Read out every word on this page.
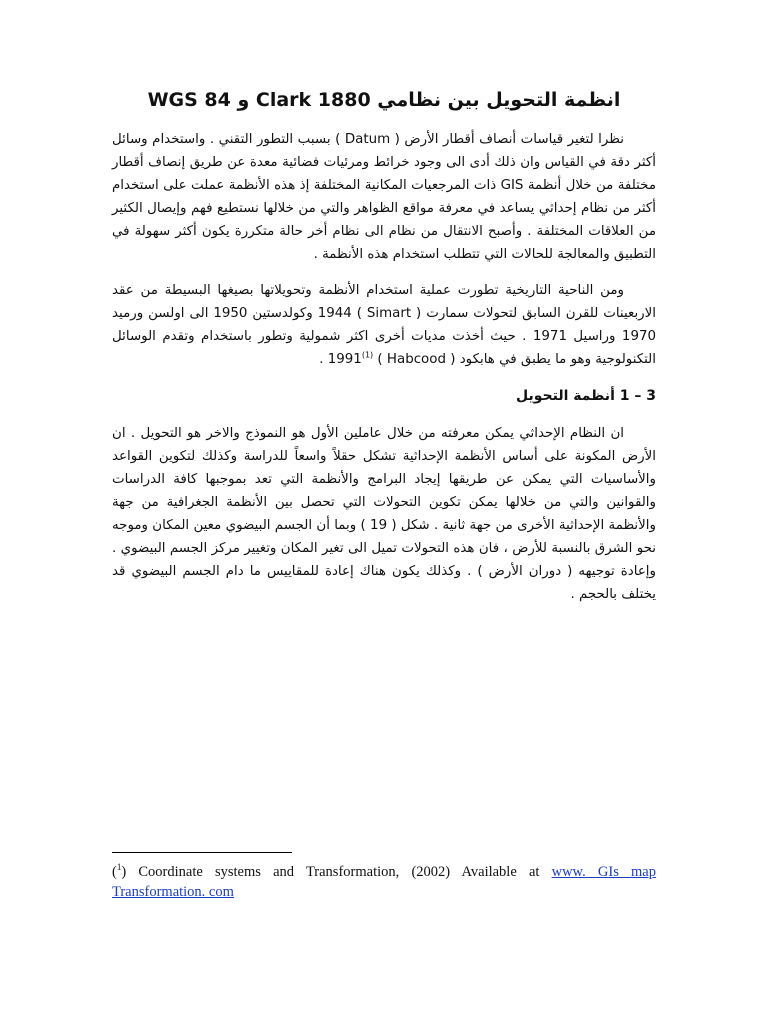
انظمة التحويل بين نظامي Clark 1880 و WGS 84

نظرا لتغير قياسات أنصاف أقطار الأرض ( Datum ) بسبب التطور التقني . واستخدام وسائل أكثر دقة في القياس وان ذلك أدى الى وجود خرائط ومرئيات فضائية معدة عن طريق إنصاف أقطار مختلفة من خلال أنظمة GIS ذات المرجعيات المكانية المختلفة إذ هذه الأنظمة عملت على استخدام أكثر من نظام إحداثي يساعد في معرفة مواقع الظواهر والتي من خلالها نستطيع فهم وإيصال الكثير من العلاقات المختلفة . وأصبح الانتقال من نظام الى نظام أخر حالة متكررة يكون أكثر سهولة في التطبيق والمعالجة للحالات التي تتطلب استخدام هذه الأنظمة .

ومن الناحية التاريخية تطورت عملية استخدام الأنظمة وتحويلاتها بصيغها البسيطة من عقد الاربعينات للقرن السابق لتحولات سمارت ( Simart ) 1944 وكولدستين 1950 الى اولسن ورميد 1970 وراسيل 1971 . حيث أخذت مديات أخرى اكثر شمولية وتطور باستخدام وتقدم الوسائل التكنولوجية وهو ما يطبق في هابكود ( Habcood ) 1991$^{(1)}$ .

3 – 1 أنظمة التحويل

ان النظام الإحداثي يمكن معرفته من خلال عاملين الأول هو النموذج والاخر هو التحويل . ان الأرض المكونة على أساس الأنظمة الإحداثية تشكل حقلاً واسعاً للدراسة وكذلك لتكوين القواعد والأساسيات التي يمكن عن طريقها إيجاد البرامج والأنظمة التي تعد بموجبها كافة الدراسات والقوانين والتي من خلالها يمكن تكوين التحولات التي تحصل بين الأنظمة الجغرافية من جهة والأنظمة الإحداثية الأخرى من جهة ثانية . شكل ( 19 ) وبما أن الجسم البيضوي معين المكان وموجه نحو الشرق بالنسبة للأرض ، فان هذه التحولات تميل الى تغير المكان وتغيير مركز الجسم البيضوي . وإعادة توجيهه ( دوران الأرض ) . وكذلك يكون هناك إعادة للمقاييس ما دام الجسم البيضوي قد يختلف بالحجم .

($^1$) Coordinate systems and Transformation, (2002) Available at www. GIs map Transformation. com
